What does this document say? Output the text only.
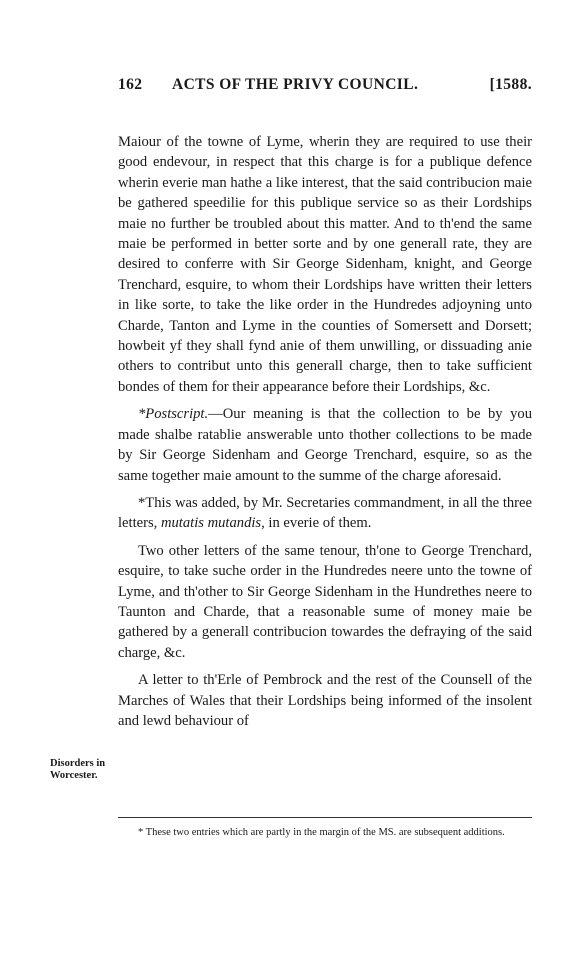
162 ACTS OF THE PRIVY COUNCIL.	[1588.

Maiour of the towne of Lyme, wherin they are required to use their good endevour, in respect that this charge is for a publique defence wherin everie man hathe a like interest, that the said contribucion maie be gathered speedilie for this publique service so as their Lordships maie no further be troubled about this matter. And to th'end the same maie be performed in better sorte and by one generall rate, they are desired to conferre with Sir George Sidenham, knight, and George Trenchard, esquire, to whom their Lordships have written their letters in like sorte, to take the like order in the Hundredes adjoyning unto Charde, Tanton and Lyme in the counties of Somersett and Dorsett; howbeit yf they shall fynd anie of them unwilling, or dissuading anie others to contribut unto this generall charge, then to take sufficient bondes of them for their appearance before their Lordships, &c.

*Postscript.—Our meaning is that the collection to be by you made shalbe ratablie answerable unto thother collections to be made by Sir George Sidenham and George Trenchard, esquire, so as the same together maie amount to the summe of the charge aforesaid.

*This was added, by Mr. Secretaries commandment, in all the three letters, mutatis mutandis, in everie of them.

Two other letters of the same tenour, th'one to George Trenchard, esquire, to take suche order in the Hundredes neere unto the towne of Lyme, and th'other to Sir George Sidenham in the Hundrethes neere to Taunton and Charde, that a reasonable sume of money maie be gathered by a generall contribucion towardes the defraying of the said charge, &c.

A letter to th'Erle of Pembrock and the rest of the Counsell of the Marches of Wales that their Lordships being informed of the insolent and lewd behaviour of

Disorders in Worcester.
* These two entries which are partly in the margin of the MS. are subsequent additions.
